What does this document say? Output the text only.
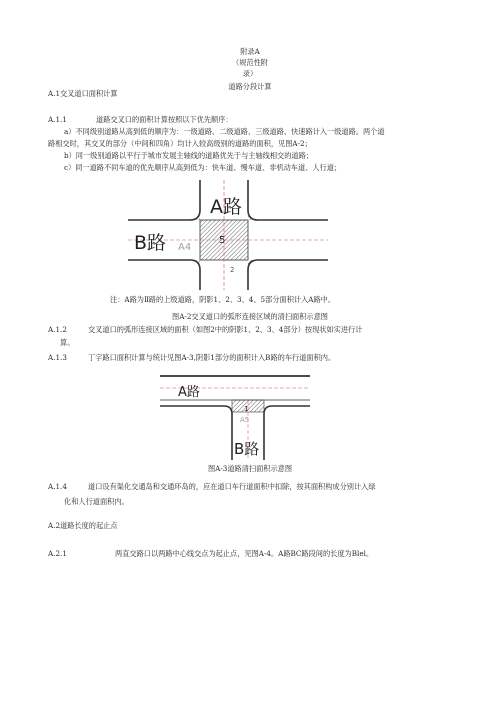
附录A
（规范性附
录）
道路分段计算
A.1交叉道口面积计算
A.1.1	道路交叉口的面积计算按照以下优先顺序：
a）不同级别道路从高到低的顺序为：一级道路、二级道路、三级道路、快速路计入一级道路。两个道
路相交时，其交叉的部分（中间和四角）均计入较高级别的道路的面积，见图A-2；
b）同一级别道路以平行于城市发展主轴线的道路优先于与主轴线相交的道路；
c）同一道路不同车道的优先顺序从高到低为：快车道、慢车道、非机动车道、人行道；
A路
B路 A4
5
2
注：A路为Ⅱ路的上级道路，阴影1、2、3、4、5部分面积计入A路中。
图A-2交叉道口的弧形连接区域的清扫面积示意图
A.1.2	交叉道口的弧形连接区域的面积（如图2中的阴影1、2、3、4部分）按现状如实进行计
算。
A.1.3	丁字路口面积计算与统计见图A-3,阴影1部分的面积计入B路的车行道面积内。
A路
1
A5
B路
图A-3道路清扫面积示意图
A.1.4	道口设有渠化交通岛和交通环岛的，应在道口车行道面积中扣除，按其面积构成分别计入绿
化和人行道面积内。
A.2道路长度的起止点
A.2.1	两直交路口以两路中心线交点为起止点，见图A-4。A路BC路段间的长度为Blel。
